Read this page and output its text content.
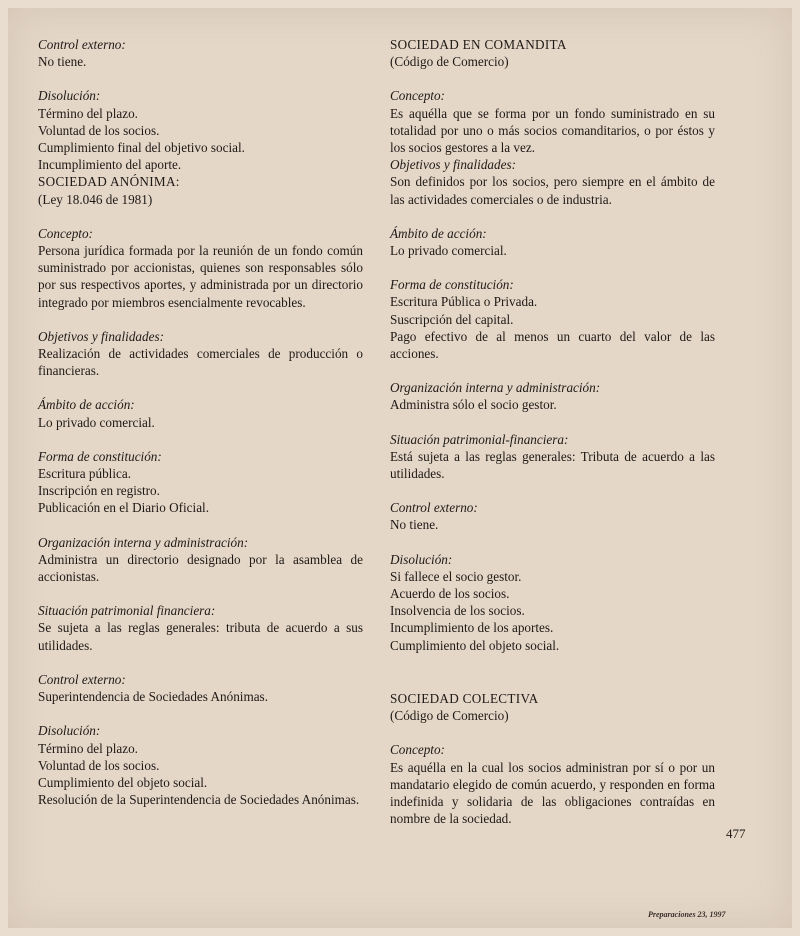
Control externo:
No tiene.
Disolución:
Término del plazo.
Voluntad de los socios.
Cumplimiento final del objetivo social.
Incumplimiento del aporte.
SOCIEDAD ANÓNIMA:
(Ley 18.046 de 1981)
Concepto:
Persona jurídica formada por la reunión de un fondo común suministrado por accionistas, quienes son responsables sólo por sus respectivos aportes, y administrada por un directorio integrado por miembros esencialmente revocables.
Objetivos y finalidades:
Realización de actividades comerciales de producción o financieras.
Ámbito de acción:
Lo privado comercial.
Forma de constitución:
Escritura pública.
Inscripción en registro.
Publicación en el Diario Oficial.
Organización interna y administración:
Administra un directorio designado por la asamblea de accionistas.
Situación patrimonial financiera:
Se sujeta a las reglas generales: tributa de acuerdo a sus utilidades.
Control externo:
Superintendencia de Sociedades Anónimas.
Disolución:
Término del plazo.
Voluntad de los socios.
Cumplimiento del objeto social.
Resolución de la Superintendencia de Sociedades Anónimas.
SOCIEDAD EN COMANDITA
(Código de Comercio)
Concepto:
Es aquélla que se forma por un fondo suministrado en su totalidad por uno o más socios comanditarios, o por éstos y los socios gestores a la vez.
Objetivos y finalidades:
Son definidos por los socios, pero siempre en el ámbito de las actividades comerciales o de industria.
Ámbito de acción:
Lo privado comercial.
Forma de constitución:
Escritura Pública o Privada.
Suscripción del capital.
Pago efectivo de al menos un cuarto del valor de las acciones.
Organización interna y administración:
Administra sólo el socio gestor.
Situación patrimonial-financiera:
Está sujeta a las reglas generales: Tributa de acuerdo a las utilidades.
Control externo:
No tiene.
Disolución:
Si fallece el socio gestor.
Acuerdo de los socios.
Insolvencia de los socios.
Incumplimiento de los aportes.
Cumplimiento del objeto social.
SOCIEDAD COLECTIVA
(Código de Comercio)
Concepto:
Es aquélla en la cual los socios administran por sí o por un mandatario elegido de común acuerdo, y responden en forma indefinida y solidaria de las obligaciones contraídas en nombre de la sociedad.
477
Preparaciones 23, 1997
